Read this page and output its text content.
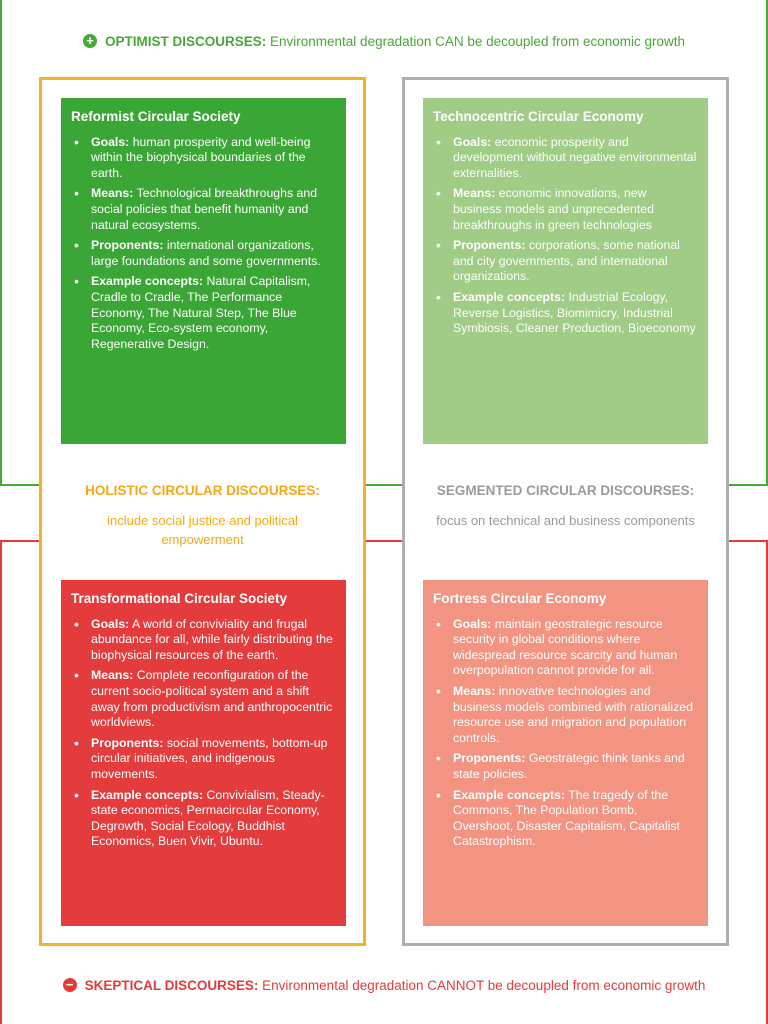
+ OPTIMIST DISCOURSES: Environmental degradation CAN be decoupled from economic growth
− SKEPTICAL DISCOURSES: Environmental degradation CANNOT be decoupled from economic growth
Reformist Circular Society
• Goals: human prosperity and well-being within the biophysical boundaries of the earth.
• Means: Technological breakthroughs and social policies that benefit humanity and natural ecosystems.
• Proponents: international organizations, large foundations and some governments.
• Example concepts: Natural Capitalism, Cradle to Cradle, The Performance Economy, The Natural Step, The Blue Economy, Eco-system economy, Regenerative Design.
Technocentric Circular Economy
• Goals: economic prosperity and development without negative environmental externalities.
• Means: economic innovations, new business models and unprecedented breakthroughs in green technologies
• Proponents: corporations, some national and city governments, and international organizations.
• Example concepts: Industrial Ecology, Reverse Logistics, Biomimicry, Industrial Symbiosis, Cleaner Production, Bioeconomy
Transformational Circular Society
• Goals: A world of conviviality and frugal abundance for all, while fairly distributing the biophysical resources of the earth.
• Means: Complete reconfiguration of the current socio-political system and a shift away from productivism and anthropocentric worldviews.
• Proponents: social movements, bottom-up circular initiatives, and indigenous movements.
• Example concepts: Convivialism, Steady-state economics, Permacircular Economy, Degrowth, Social Ecology, Buddhist Economics, Buen Vivir, Ubuntu.
Fortress Circular Economy
• Goals: maintain geostrategic resource security in global conditions where widespread resource scarcity and human overpopulation cannot provide for all.
• Means: innovative technologies and business models combined with rationalized resource use and migration and population controls.
• Proponents: Geostrategic think tanks and state policies.
• Example concepts: The tragedy of the Commons, The Population Bomb, Overshoot, Disaster Capitalism, Capitalist Catastrophism.
HOLISTIC CIRCULAR DISCOURSES:
include social justice and political empowerment
SEGMENTED CIRCULAR DISCOURSES:
focus on technical and business components
